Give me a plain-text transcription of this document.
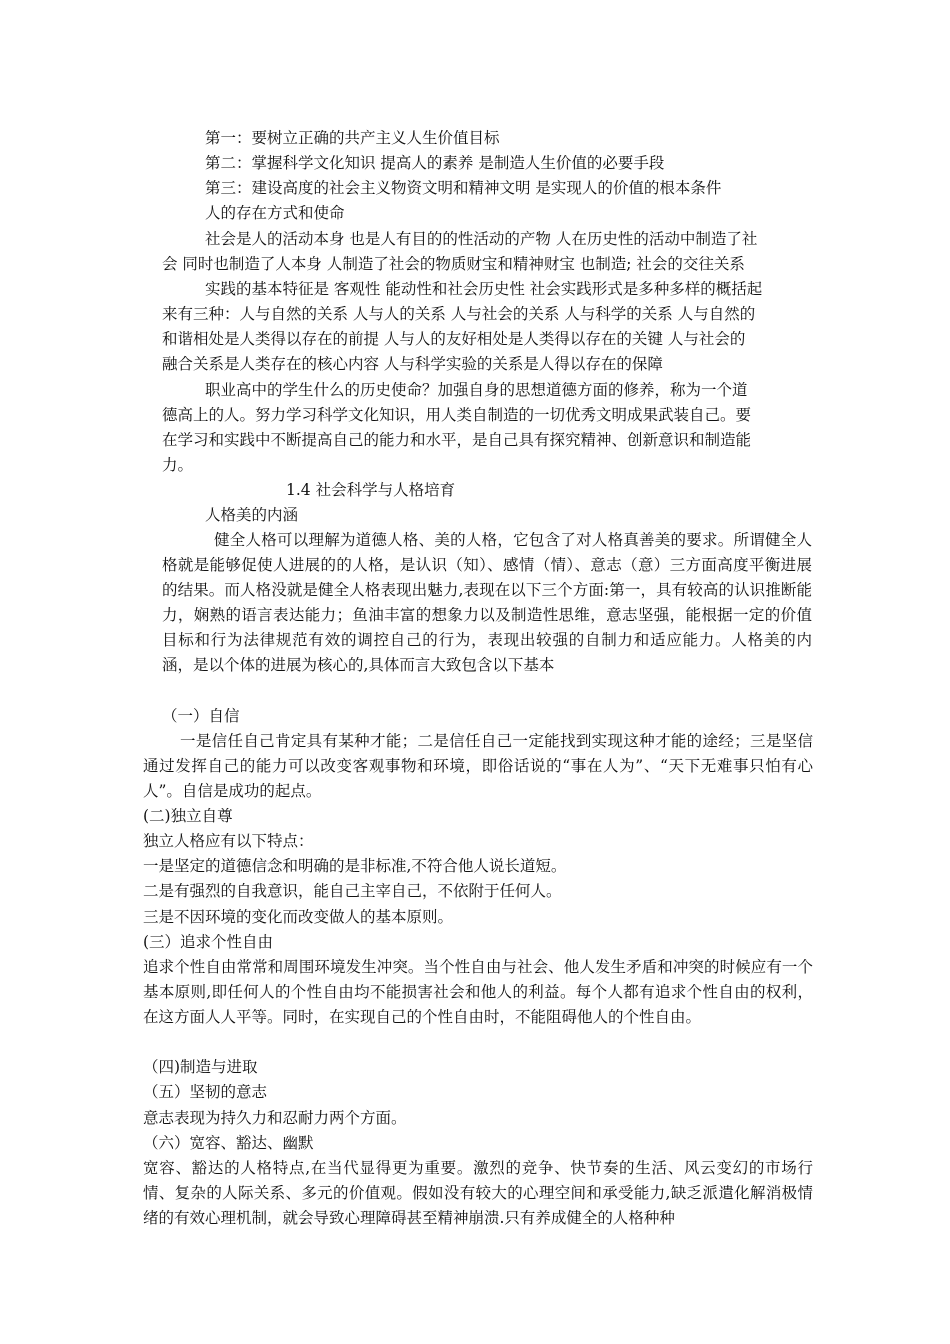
第一：要树立正确的共产主义人生价值目标
第二：掌握科学文化知识 提高人的素养 是制造人生价值的必要手段
第三：建设高度的社会主义物资文明和精神文明 是实现人的价值的根本条件
人的存在方式和使命
社会是人的活动本身 也是人有目的的性活动的产物 人在历史性的活动中制造了社
会 同时也制造了人本身 人制造了社会的物质财宝和精神财宝 也制造; 社会的交往关系
实践的基本特征是 客观性 能动性和社会历史性 社会实践形式是多种多样的概括起
来有三种：人与自然的关系 人与人的关系 人与社会的关系 人与科学的关系 人与自然的
和谐相处是人类得以存在的前提 人与人的友好相处是人类得以存在的关键 人与社会的
融合关系是人类存在的核心内容 人与科学实验的关系是人得以存在的保障
职业高中的学生什么的历史使命？加强自身的思想道德方面的修养，称为一个道
德高上的人。努力学习科学文化知识，用人类自制造的一切优秀文明成果武装自己。要
在学习和实践中不断提高自己的能力和水平，是自己具有探究精神、创新意识和制造能
力。
1.4 社会科学与人格培育
人格美的内涵

健全人格可以理解为道德人格、美的人格，它包含了对人格真善美的要求。所谓健全人格就是能够促使人进展的的人格，是认识（知）、感情（情）、意志（意）三方面高度平衡进展的结果。而人格没就是健全人格表现出魅力,表现在以下三个方面:第一，具有较高的认识推断能力，娴熟的语言表达能力；鱼油丰富的想象力以及制造性思维，意志坚强，能根据一定的价值目标和行为法律规范有效的调控自己的行为，表现出较强的自制力和适应能力。人格美的内涵，是以个体的进展为核心的,具体而言大致包含以下基本

（一）自信

一是信任自己肯定具有某种才能；二是信任自己一定能找到实现这种才能的途经；三是坚信通过发挥自己的能力可以改变客观事物和环境，即俗话说的“事在人为”、“天下无难事只怕有心人”。自信是成功的起点。

(二)独立自尊
独立人格应有以下特点：
一是坚定的道德信念和明确的是非标准,不符合他人说长道短。
二是有强烈的自我意识，能自己主宰自己，不依附于任何人。
三是不因环境的变化而改变做人的基本原则。
(三）追求个性自由

追求个性自由常常和周围环境发生冲突。当个性自由与社会、他人发生矛盾和冲突的时候应有一个基本原则,即任何人的个性自由均不能损害社会和他人的利益。每个人都有追求个性自由的权利，在这方面人人平等。同时，在实现自己的个性自由时，不能阻碍他人的个性自由。

（四)制造与进取
（五）坚韧的意志
意志表现为持久力和忍耐力两个方面。
（六）宽容、豁达、幽默

宽容、豁达的人格特点,在当代显得更为重要。激烈的竞争、快节奏的生活、风云变幻的市场行情、复杂的人际关系、多元的价值观。假如没有较大的心理空间和承受能力,缺乏派遣化解消极情绪的有效心理机制，就会导致心理障碍甚至精神崩溃.只有养成健全的人格种种
